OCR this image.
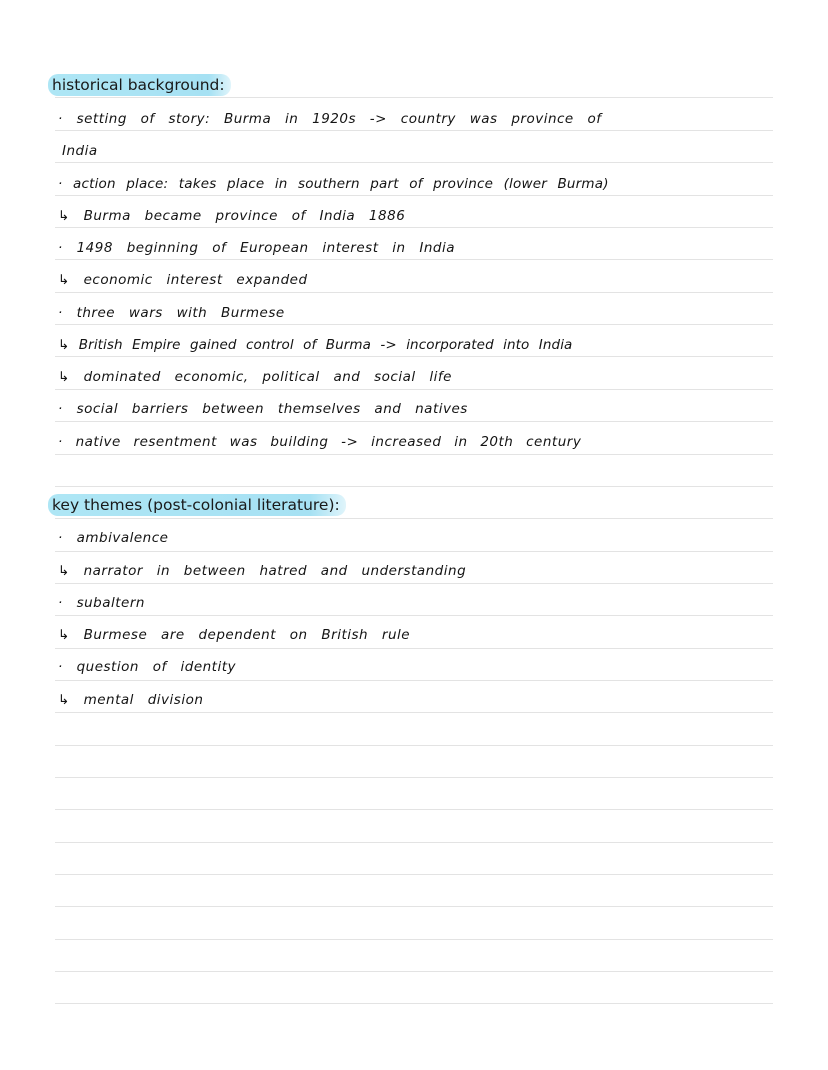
historical background:
· setting of story: Burma in 1920s -> country was province of
India
· action place: takes place in southern part of province (lower Burma)
↳ Burma became province of India 1886
· 1498 beginning of European interest in India
↳ economic interest expanded
· three wars with Burmese
↳ British Empire gained control of Burma -> incorporated into India
↳ dominated economic, political and social life
· social barriers between themselves and natives
· native resentment was building -> increased in 20th century
key themes (post-colonial literature):
· ambivalence
↳ narrator in between hatred and understanding
· subaltern
↳ Burmese are dependent on British rule
· question of identity
↳ mental division
